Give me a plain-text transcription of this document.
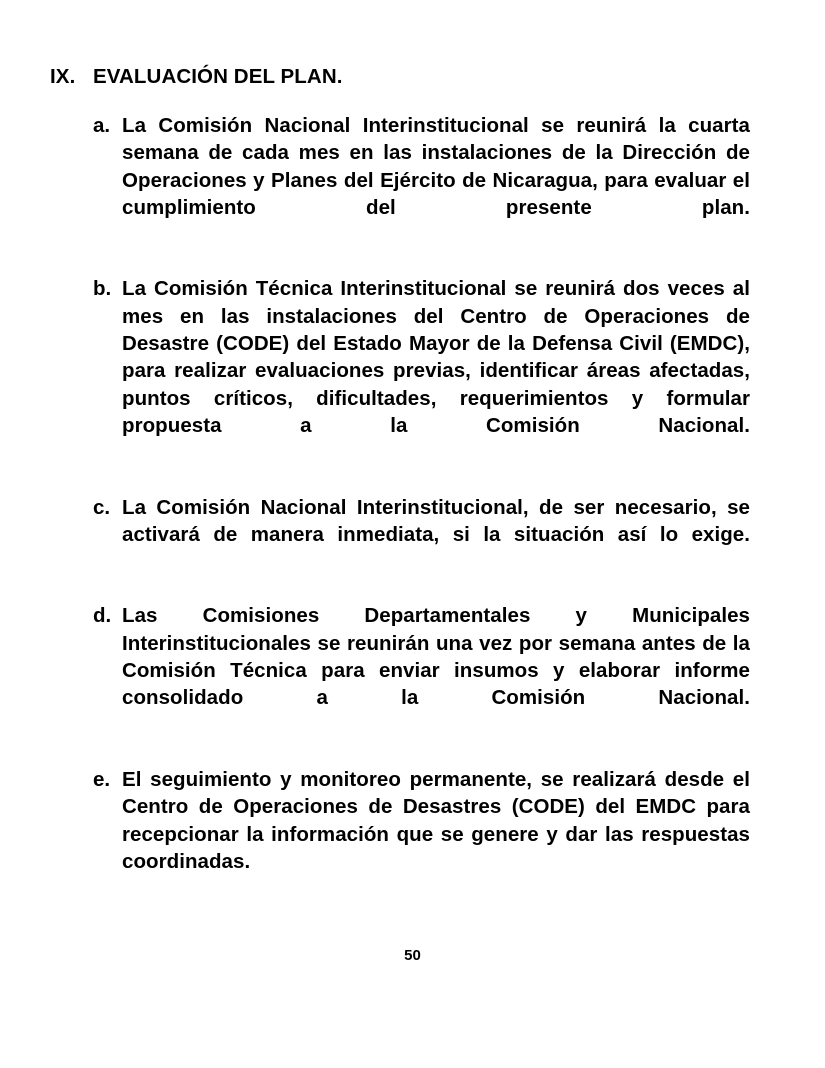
IX. EVALUACIÓN DEL PLAN.
a. La Comisión Nacional Interinstitucional se reunirá la cuarta semana de cada mes en las instalaciones de la Dirección de Operaciones y Planes del Ejército de Nicaragua, para evaluar el cumplimiento del presente plan.
b. La Comisión Técnica Interinstitucional se reunirá dos veces al mes en las instalaciones del Centro de Operaciones de Desastre (CODE) del Estado Mayor de la Defensa Civil (EMDC), para realizar evaluaciones previas, identificar áreas afectadas, puntos críticos, dificultades, requerimientos y formular propuesta a la Comisión Nacional.
c. La Comisión Nacional Interinstitucional, de ser necesario, se activará de manera inmediata, si la situación así lo exige.
d. Las Comisiones Departamentales y Municipales Interinstitucionales se reunirán una vez por semana antes de la Comisión Técnica para enviar insumos y elaborar informe consolidado a la Comisión Nacional.
e. El seguimiento y monitoreo permanente, se realizará desde el Centro de Operaciones de Desastres (CODE) del EMDC para recepcionar la información que se genere y dar las respuestas coordinadas.
50
